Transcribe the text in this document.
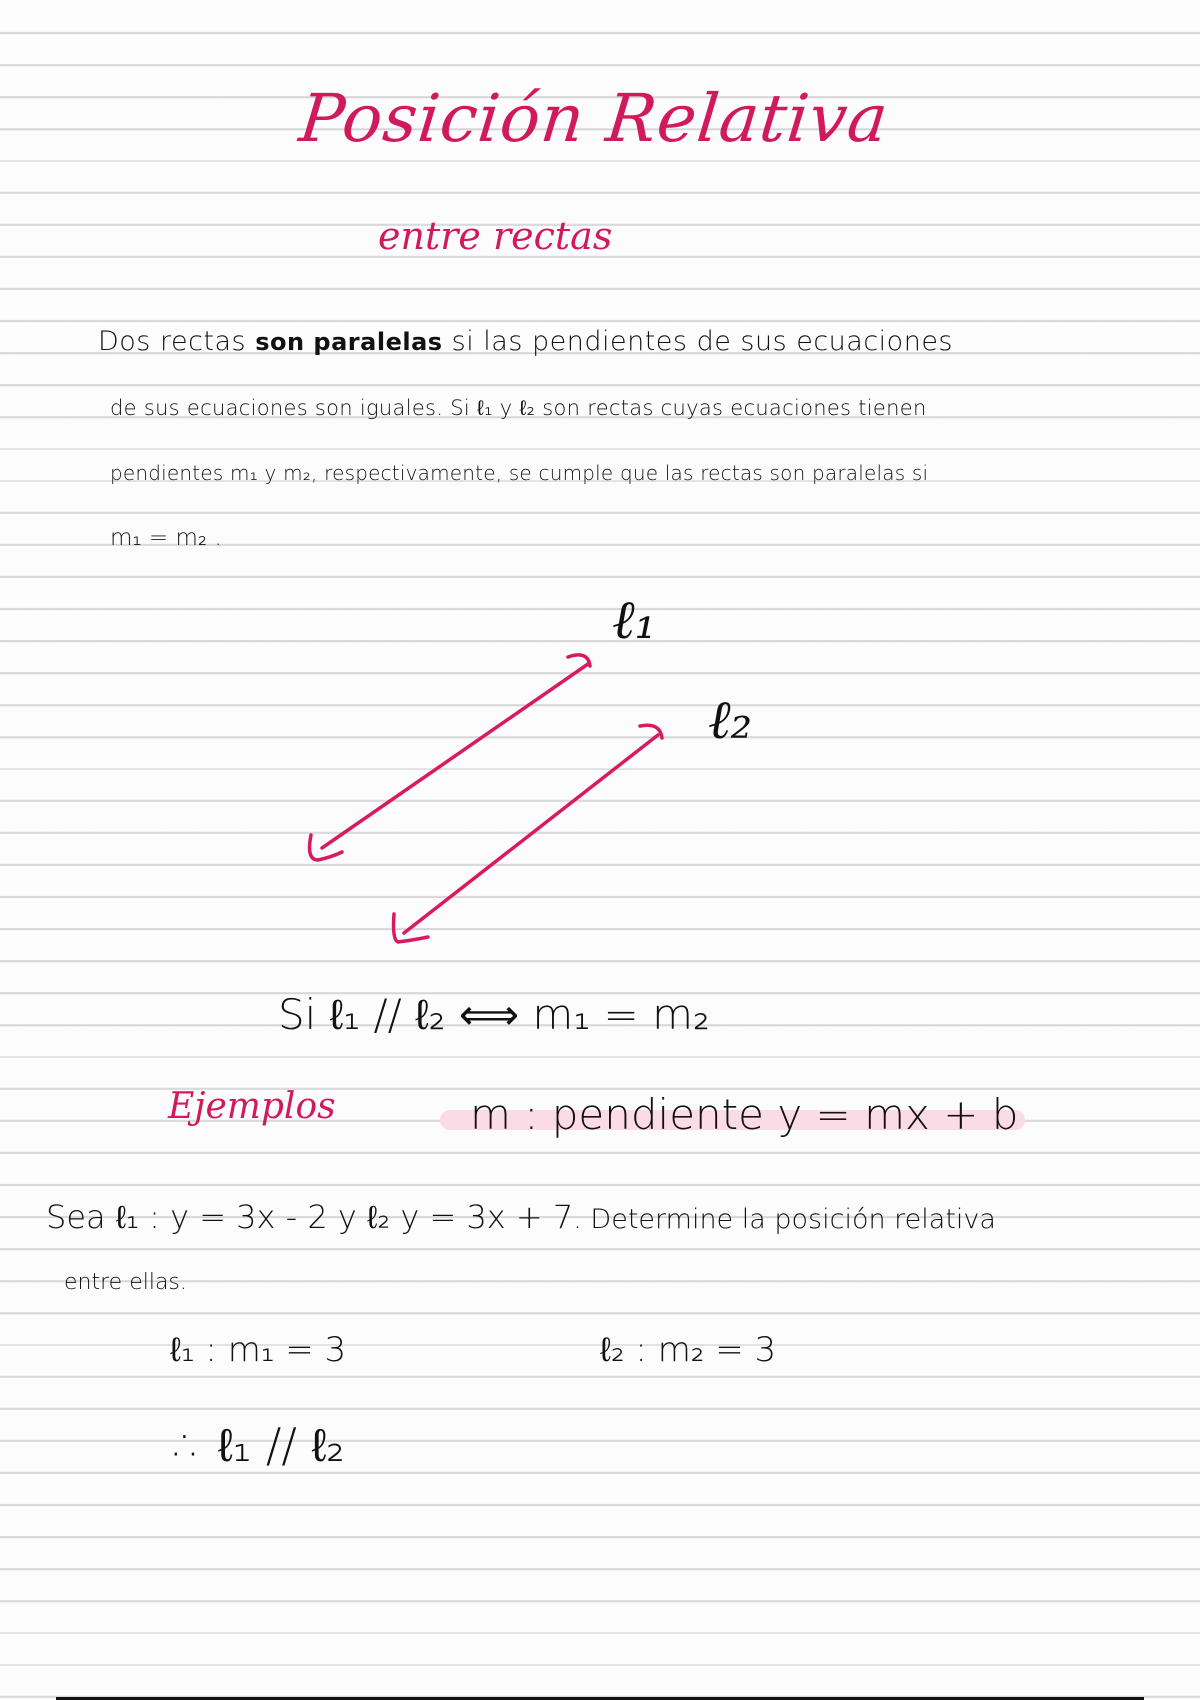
Posición Relativa
entre rectas
Dos rectas son paralelas si las pendientes de sus ecuaciones
de sus ecuaciones son iguales. Si ℓ₁ y ℓ₂ son rectas cuyas ecuaciones tienen
pendientes m₁ y m₂, respectivamente, se cumple que las rectas son paralelas si
m₁ = m₂ .
ℓ₁
ℓ₂
Si ℓ₁ // ℓ₂ ⟺ m₁ = m₂
Ejemplos	m : pendiente y = mx + b
Sea ℓ₁ : y = 3x - 2 y ℓ₂ y = 3x + 7. Determine la posición relativa
entre ellas.
ℓ₁ : m₁ = 3	ℓ₂ : m₂ = 3
∴ ℓ₁ // ℓ₂
